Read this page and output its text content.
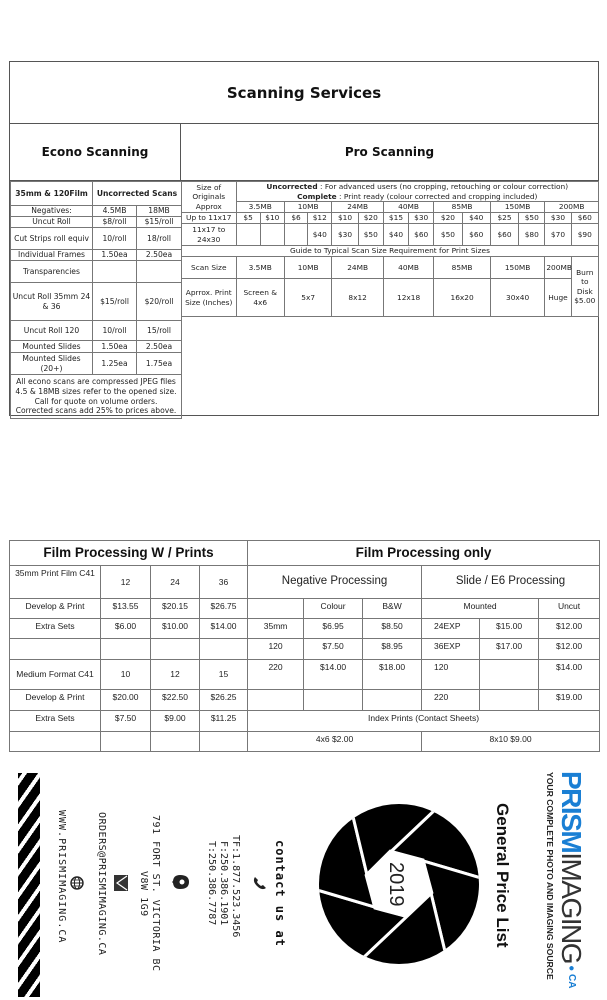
Scanning Services
Econo Scanning	Pro Scanning
35mm & 120Film	Uncorrected Scans	
Negatives:	4.5MB	18MB
Uncut Roll	$8/roll	$15/roll
Cut Strips roll equiv	10/roll	18/roll
Individual Frames	1.50ea	2.50ea
Transparencies		
Uncut Roll 35mm 24 & 36	$15/roll	$20/roll
Uncut Roll 120	10/roll	15/roll
Mounted Slides	1.50ea	2.50ea
Mounted Slides (20+)	1.25ea	1.75ea
All econo scans are compressed JPEG files 4.5 & 18MB sizes refer to the opened size. Call for quote on volume orders. Corrected scans add 25% to prices above.		
Size of Originals
Approx	Uncorrected : For advanced users (no cropping, retouching or colour correction)
Complete : Print ready (colour corrected and cropping included)													
	3.5MB		10MB		24MB		40MB		85MB		150MB		200MB	
Up to 11x17	$5	$10	$6	$12	$10	$20	$15	$30	$20	$40	$25	$50	$30	$60
11x17 to 24x30				$40	$30	$50	$40	$60	$50	$60	$60	$80	$70	$90
Guide to Typical Scan Size Requirement for Print Sizes														
Scan Size	3.5MB		10MB		24MB		40MB		85MB		150MB		200MB	Burn to Disk $5.00
Aprrox. Print Size (Inches)	Screen & 4x6		5x7		8x12		12x18		16x20		30x40		Huge	
Film Processing W / Prints				Film Processing only					
35mm Print Film C41	12	24	36	Negative Processing			Slide / E6 Processing		
Develop & Print	$13.55	$20.15	$26.75		Colour	B&W	Mounted		Uncut
Extra Sets	$6.00	$10.00	$14.00	35mm	$6.95	$8.50	24EXP	$15.00	$12.00
				120	$7.50	$8.95	36EXP	$17.00	$12.00
Medium Format C41	10	12	15	220	$14.00	$18.00	120		$14.00
Develop & Print	$20.00	$22.50	$26.25				220		$19.00
Extra Sets	$7.50	$9.00	$11.25	Index Prints (Contact Sheets)					
				4x6 $2.00			8x10 $9.00		
WWW.PRISMIMAGING.CA	ORDERS@PRISMIMAGING.CA	791 FORT ST. VICTORIA BC
V8W 1G9	TF:1.877.523.3456
F:250.386.1901
T:250.386.7787	contact us at	2019	General Price List PRISMIMAGING●CA
YOUR COMPLETE PHOTO AND IMAGING SOURCE
